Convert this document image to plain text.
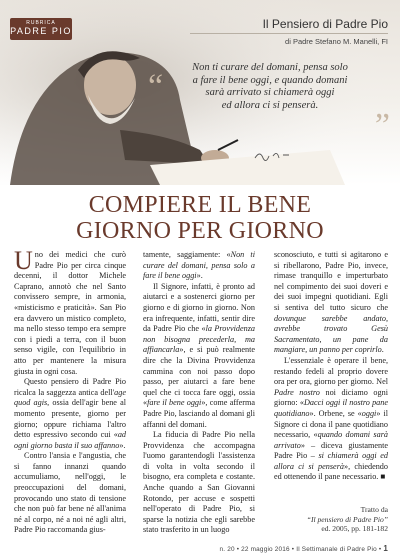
RUBRICA
PADRE PIO	Il Pensiero di Padre Pio
di Padre Stefano M. Manelli, FI
“
”
Non ti curare del domani, pensa solo
a fare il bene oggi, e quando domani
sarà arrivato si chiamerà oggi
ed allora ci si penserà.
COMPIERE IL BENE
GIORNO PER GIORNO

Uno dei medici che curò Padre Pio per circa cinque decenni, il dottor Michele Caprano, annotò che nel Santo convissero sempre, in armonia, «misticismo e praticità». San Pio era davvero un mistico completo, ma nello stesso tempo era sempre con i piedi a terra, con il buon senso vigile, con l'equilibrio in atto per mantenere la misura giusta in ogni cosa.

Questo pensiero di Padre Pio ricalca la saggezza antica dell'age quod agis, ossia dell'agir bene al momento presente, giorno per giorno; oppure richiama l'altro detto espressivo secondo cui «ad ogni giorno basta il suo affanno».

Contro l'ansia e l'angustia, che si fanno innanzi quando accumuliamo, nell'oggi, le preoccupazioni del domani, provocando uno stato di tensione che non può far bene né all'anima né al corpo, né a noi né agli altri, Padre Pio raccomanda gius-

tamente, saggiamente: «Non ti curare del domani, pensa solo a fare il bene oggi».

Il Signore, infatti, è pronto ad aiutarci e a sostenerci giorno per giorno e di giorno in giorno. Non era infrequente, infatti, sentir dire da Padre Pio che «la Provvidenza non bisogna precederla, ma affiancarla», e si può realmente dire che la Divina Provvidenza cammina con noi passo dopo passo, per aiutarci a fare bene quel che ci tocca fare oggi, ossia «fare il bene oggi», come afferma Padre Pio, lasciando al domani gli affanni del domani.

La fiducia di Padre Pio nella Provvidenza che accompagna l'uomo garantendogli l'assistenza di volta in volta secondo il bisogno, era completa e costante. Anche quando a San Giovanni Rotondo, per accuse e sospetti nell'operato di Padre Pio, si sparse la notizia che egli sarebbe stato trasferito in un luogo

sconosciuto, e tutti si agitarono e si ribellarono, Padre Pio, invece, rimase tranquillo e imperturbato nel compimento dei suoi doveri e dei suoi impegni quotidiani. Egli si sentiva del tutto sicuro che dovunque sarebbe andato, avrebbe trovato Gesù Sacramentato, un pane da mangiare, un panno per coprirlo.

L'essenziale è operare il bene, restando fedeli al proprio dovere ora per ora, giorno per giorno. Nel Padre nostro noi diciamo ogni giorno: «Dacci oggi il nostro pane quotidiano». Orbene, se «oggi» il Signore ci dona il pane quotidiano necessario, «quando domani sarà arrivato» – diceva giustamente Padre Pio – si chiamerà oggi ed allora ci si penserà», chiedendo ed ottenendo il pane necessario. ■

Tratto da
“Il pensiero di Padre Pio”
ed. 2005, pp. 181-182
n. 20 • 22 maggio 2016 • Il Settimanale di Padre Pio • 1
